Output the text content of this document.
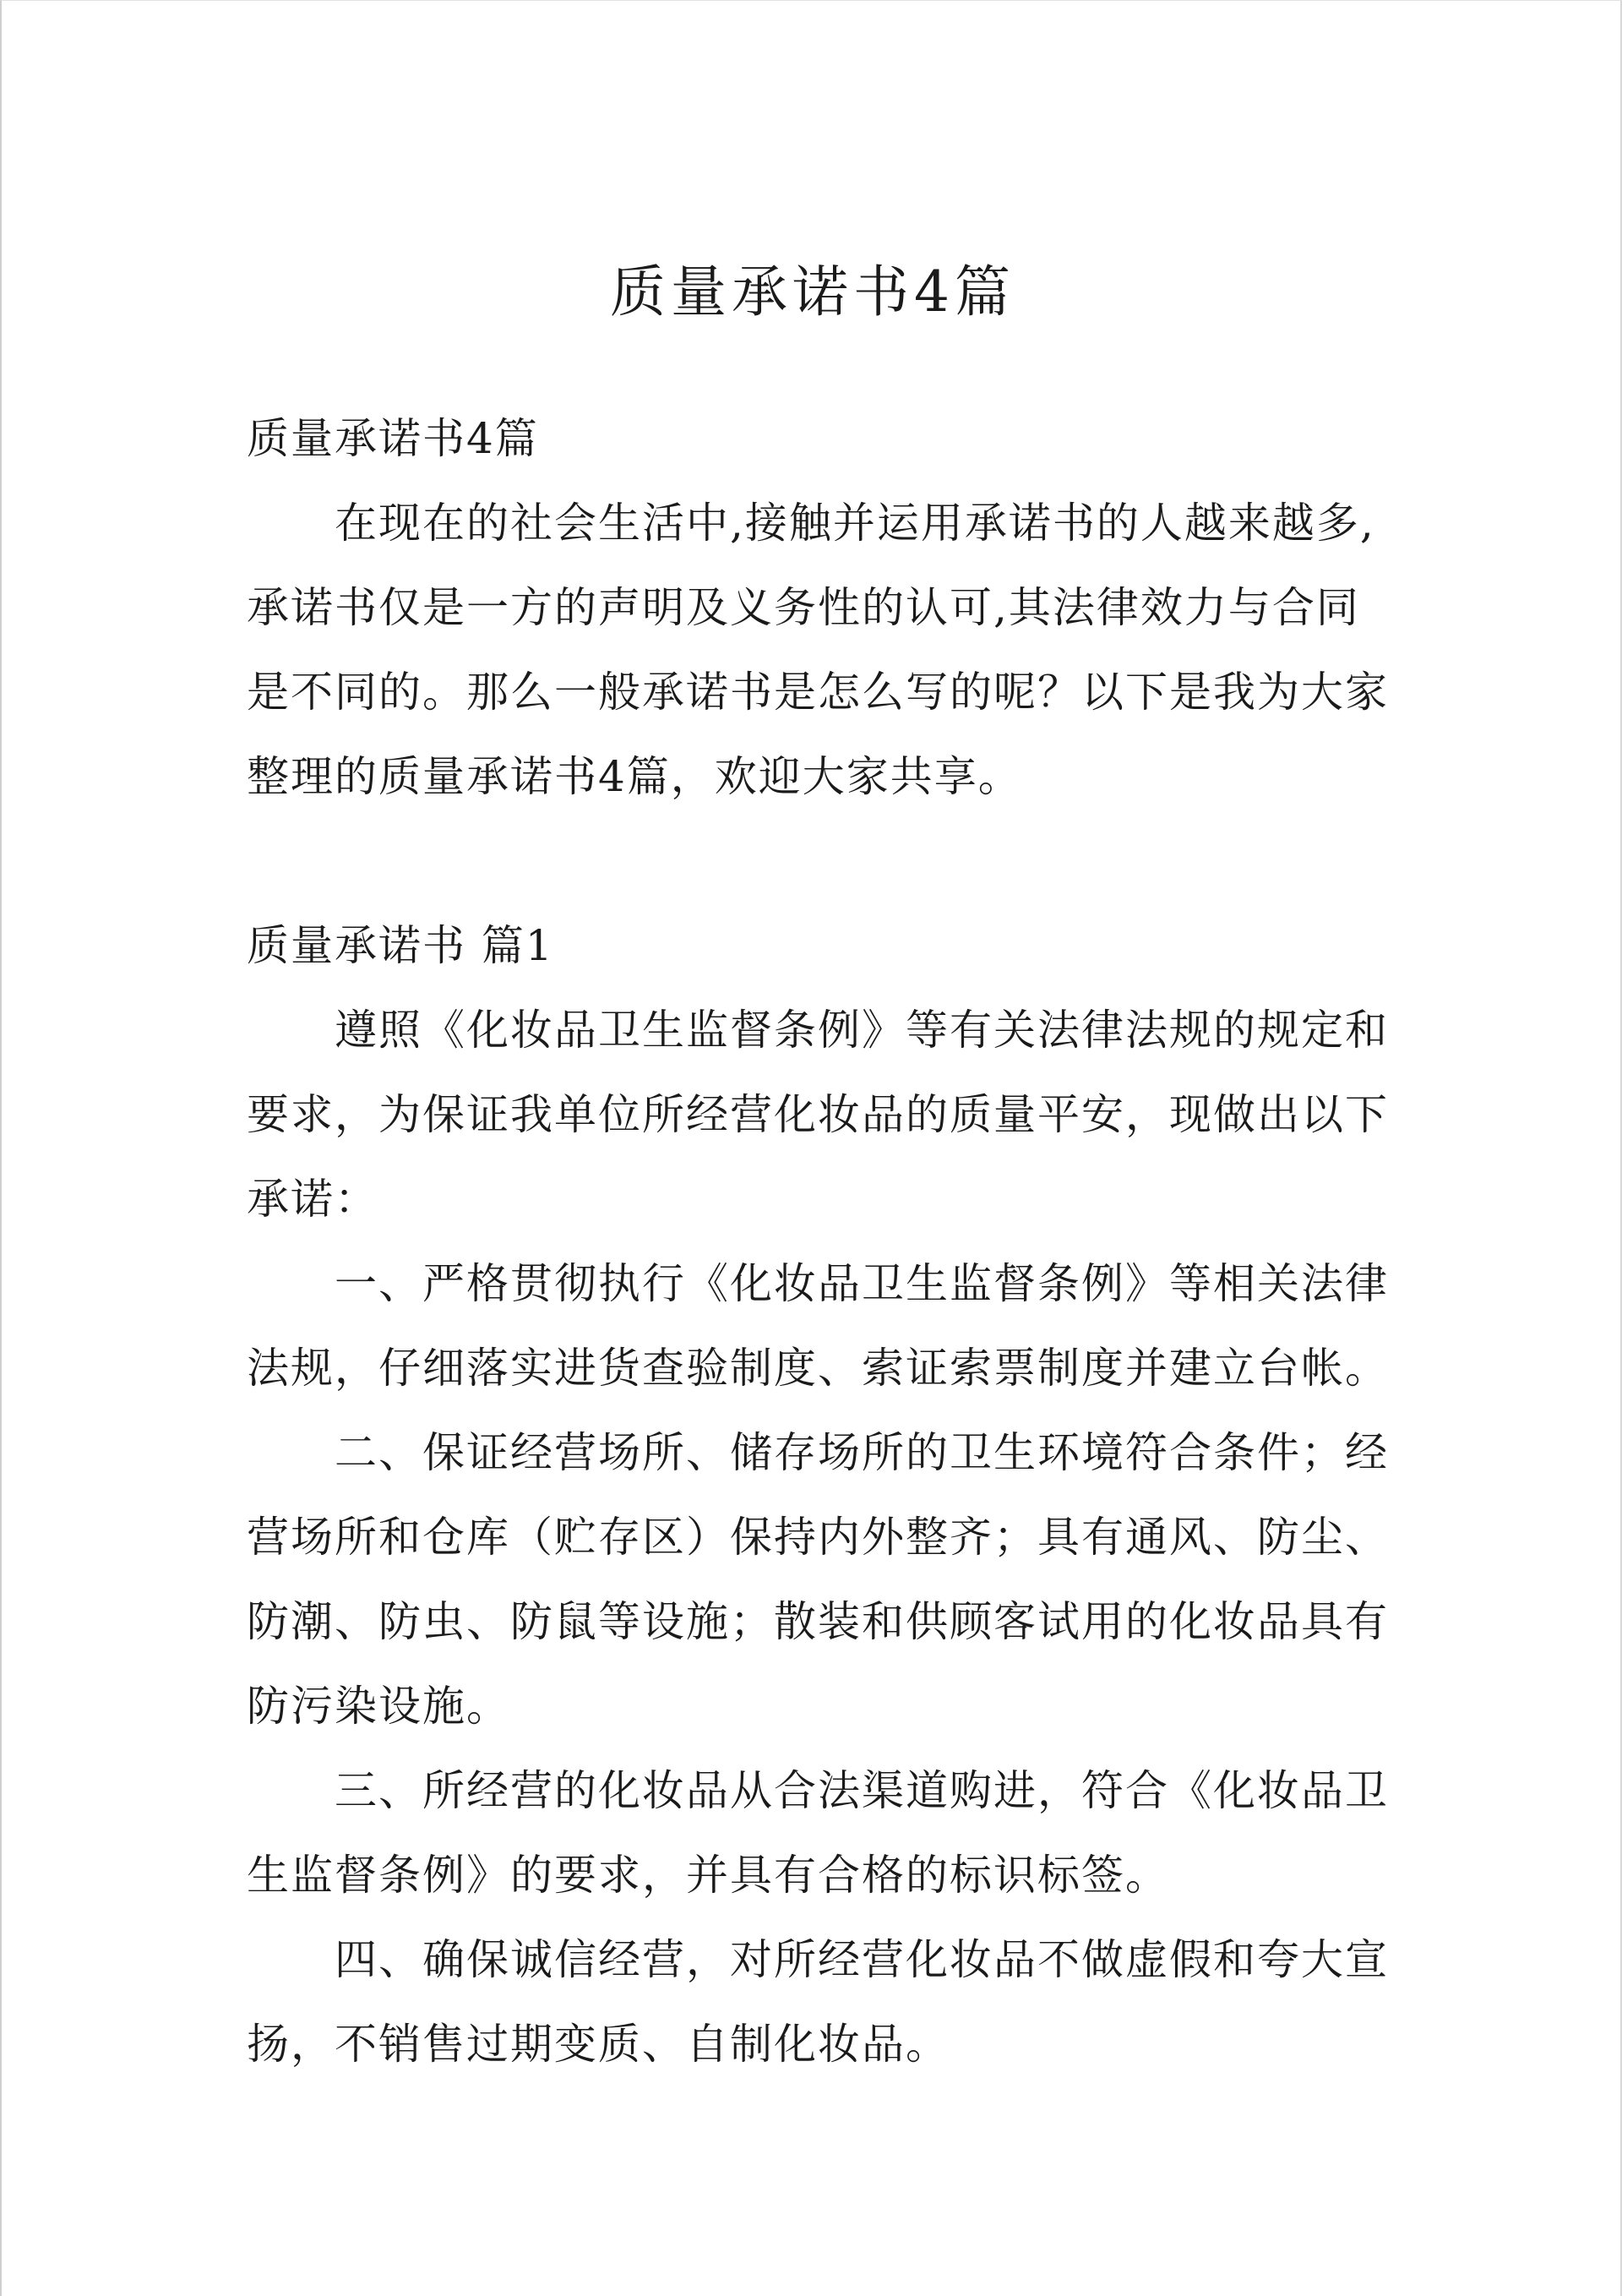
质量承诺书4篇

质量承诺书4篇

在现在的社会生活中,接触并运用承诺书的人越来越多,

承诺书仅是一方的声明及义务性的认可,其法律效力与合同

是不同的。那么一般承诺书是怎么写的呢？以下是我为大家

整理的质量承诺书4篇，欢迎大家共享。

质量承诺书 篇1

遵照《化妆品卫生监督条例》等有关法律法规的规定和

要求，为保证我单位所经营化妆品的质量平安，现做出以下

承诺：

一、严格贯彻执行《化妆品卫生监督条例》等相关法律

法规，仔细落实进货查验制度、索证索票制度并建立台帐。

二、保证经营场所、储存场所的卫生环境符合条件；经

营场所和仓库（贮存区）保持内外整齐；具有通风、防尘、

防潮、防虫、防鼠等设施；散装和供顾客试用的化妆品具有

防污染设施。

三、所经营的化妆品从合法渠道购进，符合《化妆品卫

生监督条例》的要求，并具有合格的标识标签。

四、确保诚信经营，对所经营化妆品不做虚假和夸大宣

扬，不销售过期变质、自制化妆品。
